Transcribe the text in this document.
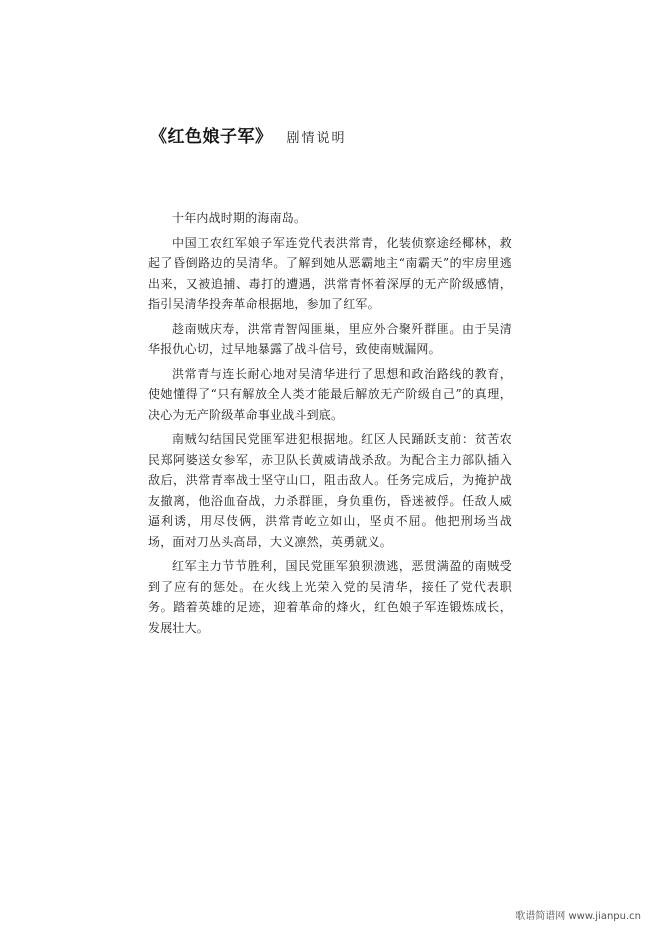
《红色娘子军》 剧情说明

十年内战时期的海南岛。

中国工农红军娘子军连党代表洪常青，化装侦察途经椰林，救起了昏倒路边的吴清华。了解到她从恶霸地主“南霸天”的牢房里逃出来，又被追捕、毒打的遭遇，洪常青怀着深厚的无产阶级感情，指引吴清华投奔革命根据地，参加了红军。

趁南贼庆寿，洪常青智闯匪巢，里应外合聚歼群匪。由于吴清华报仇心切，过早地暴露了战斗信号，致使南贼漏网。

洪常青与连长耐心地对吴清华进行了思想和政治路线的教育，使她懂得了“只有解放全人类才能最后解放无产阶级自己”的真理，决心为无产阶级革命事业战斗到底。

南贼勾结国民党匪军进犯根据地。红区人民踊跃支前：贫苦农民郑阿婆送女参军，赤卫队长黄威请战杀敌。为配合主力部队插入敌后，洪常青率战士坚守山口，阻击敌人。任务完成后，为掩护战友撤离，他浴血奋战，力杀群匪，身负重伤，昏迷被俘。任敌人威逼利诱，用尽伎俩，洪常青屹立如山，坚贞不屈。他把刑场当战场，面对刀丛头高昂，大义凛然，英勇就义。

红军主力节节胜利，国民党匪军狼狈溃逃，恶贯满盈的南贼受到了应有的惩处。在火线上光荣入党的吴清华，接任了党代表职务。踏着英雄的足迹，迎着革命的烽火，红色娘子军连锻炼成长，发展壮大。

歌谱简谱网 www.jianpu.cn
